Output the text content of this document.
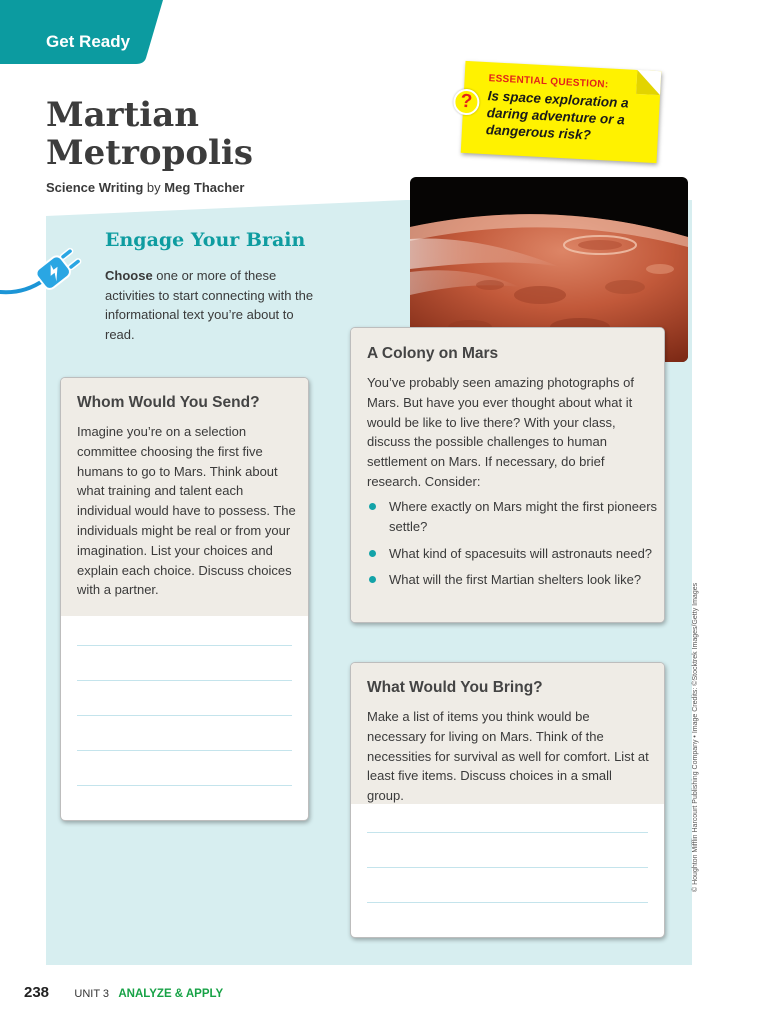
Get Ready
?
ESSENTIAL QUESTION:
Is space exploration a daring adventure or a dangerous risk?
Martian
Metropolis
Science Writing by Meg Thacher
Engage Your Brain
Choose one or more of these activities to start connecting with the informational text you’re about to read.
Whom Would You Send?
Imagine you’re on a selection committee choosing the first five humans to go to Mars. Think about what training and talent each individual would have to possess. The individuals might be real or from your imagination. List your choices and explain each choice. Discuss choices with a partner.
A Colony on Mars
You’ve probably seen amazing photographs of Mars. But have you ever thought about what it would be like to live there? With your class, discuss the possible challenges to human settlement on Mars. If necessary, do brief research. Consider:
Where exactly on Mars might the first pioneers settle?
What kind of spacesuits will astronauts need?
What will the first Martian shelters look like?
What Would You Bring?
Make a list of items you think would be necessary for living on Mars. Think of the necessities for survival as well for comfort. List at least five items. Discuss choices in a small group.	© Houghton Mifflin Harcourt Publishing Company • Image Credits: ©Stocktrek Images/Getty Images
238 UNIT 3 ANALYZE & APPLY
